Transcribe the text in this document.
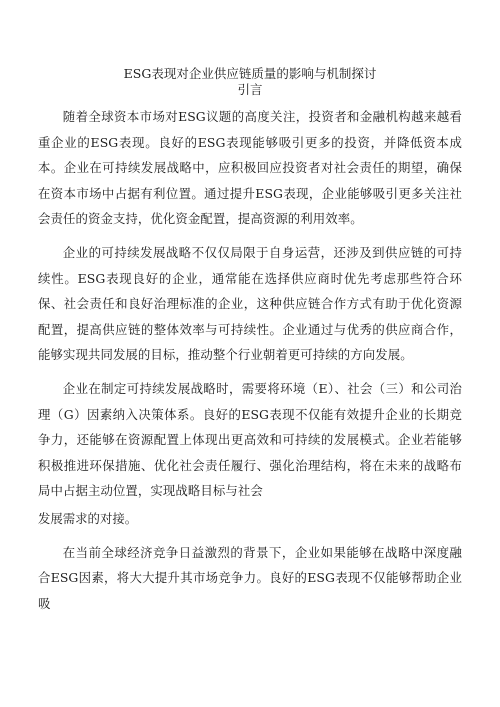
ESG表现对企业供应链质量的影响与机制探讨

引言

随着全球资本市场对ESG议题的高度关注，投资者和金融机构越来越看重企业的ESG表现。良好的ESG表现能够吸引更多的投资，并降低资本成本。企业在可持续发展战略中，应积极回应投资者对社会责任的期望，确保在资本市场中占据有利位置。通过提升ESG表现，企业能够吸引更多关注社会责任的资金支持，优化资金配置，提高资源的利用效率。

企业的可持续发展战略不仅仅局限于自身运营，还涉及到供应链的可持续性。ESG表现良好的企业，通常能在选择供应商时优先考虑那些符合环保、社会责任和良好治理标准的企业，这种供应链合作方式有助于优化资源配置，提高供应链的整体效率与可持续性。企业通过与优秀的供应商合作，能够实现共同发展的目标，推动整个行业朝着更可持续的方向发展。

企业在制定可持续发展战略时，需要将环境（E）、社会（三）和公司治理（G）因素纳入决策体系。良好的ESG表现不仅能有效提升企业的长期竞争力，还能够在资源配置上体现出更高效和可持续的发展模式。企业若能够积极推进环保措施、优化社会责任履行、强化治理结构，将在未来的战略布局中占据主动位置，实现战略目标与社会

发展需求的对接。

在当前全球经济竞争日益激烈的背景下，企业如果能够在战略中深度融合ESG因素，将大大提升其市场竞争力。良好的ESG表现不仅能够帮助企业吸
